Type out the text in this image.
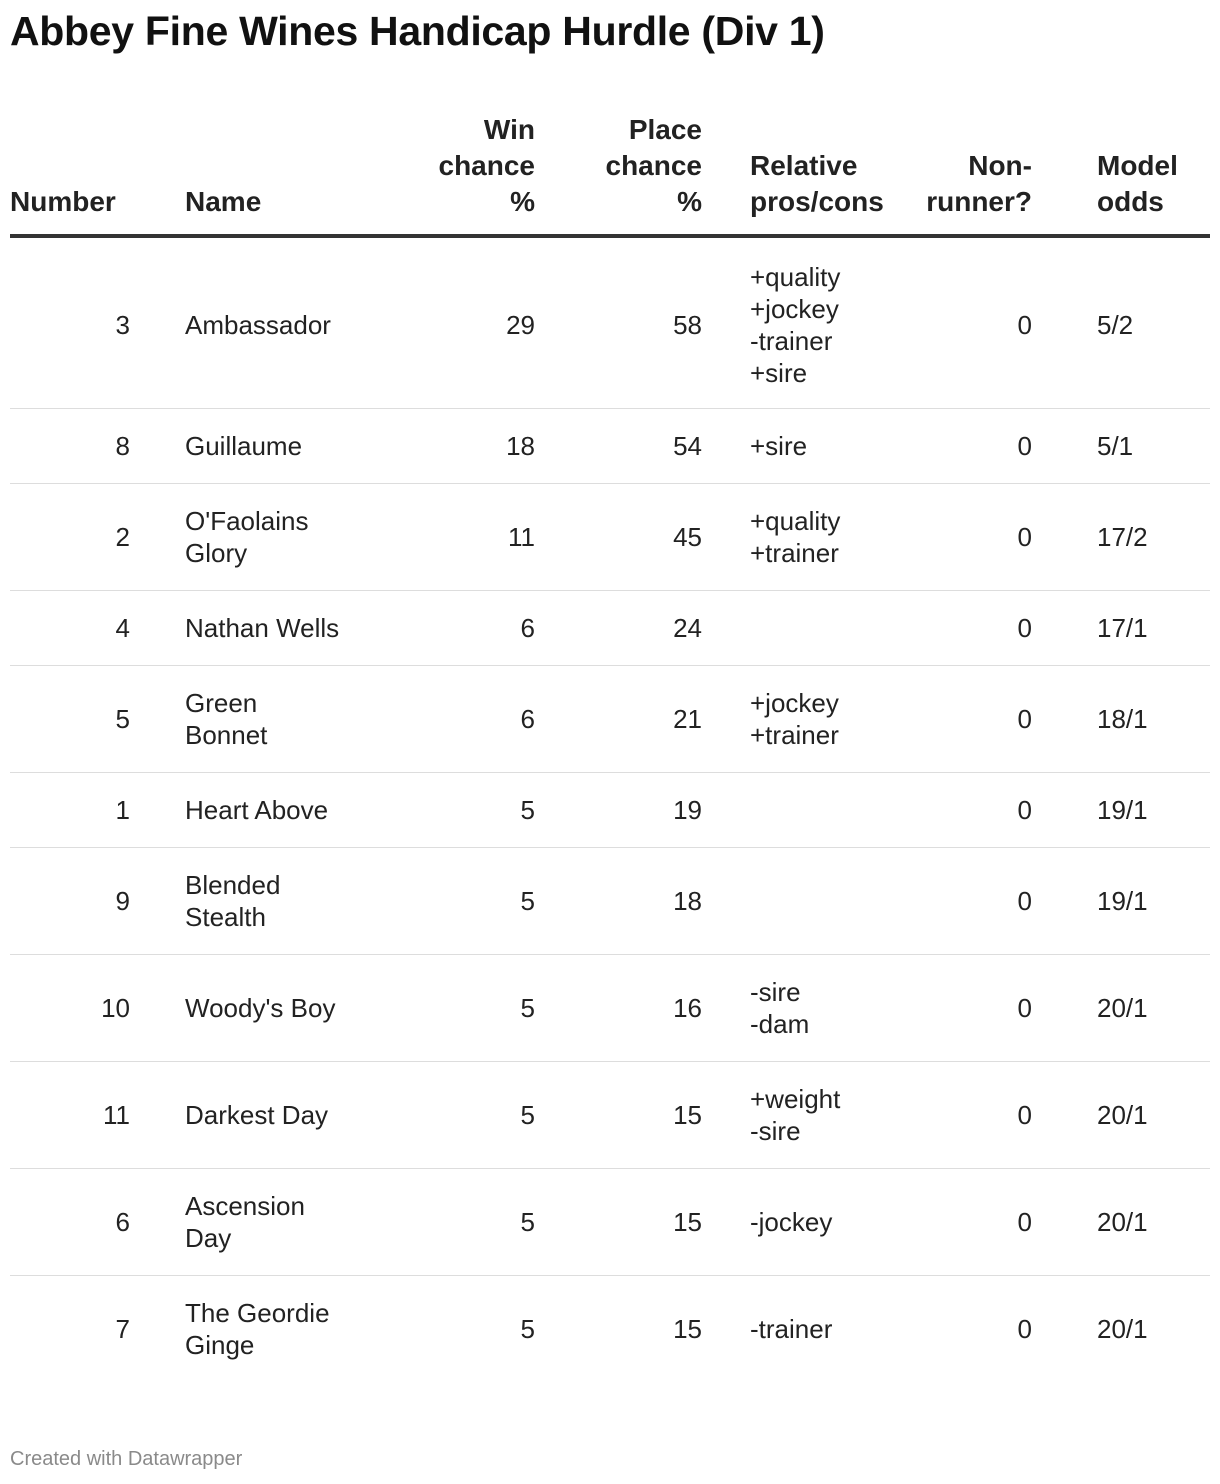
Abbey Fine Wines Handicap Hurdle (Div 1)
Number	Name	Win
chance
%	Place
chance
%	Relative
pros/cons	Non-
runner?	Model
odds

3	Ambassador	29	58	+quality
+jockey
-trainer
+sire	0	5/2
8	Guillaume	18	54	+sire	0	5/1
2	O'Faolains Glory	11	45	+quality
+trainer	0	17/2
4	Nathan Wells	6	24		0	17/1
5	Green Bonnet	6	21	+jockey
+trainer	0	18/1
1	Heart Above	5	19		0	19/1
9	Blended Stealth	5	18		0	19/1
10	Woody's Boy	5	16	-sire
-dam	0	20/1
11	Darkest Day	5	15	+weight
-sire	0	20/1
6	Ascension Day	5	15	-jockey	0	20/1
7	The Geordie Ginge	5	15	-trainer	0	20/1
Created with Datawrapper
